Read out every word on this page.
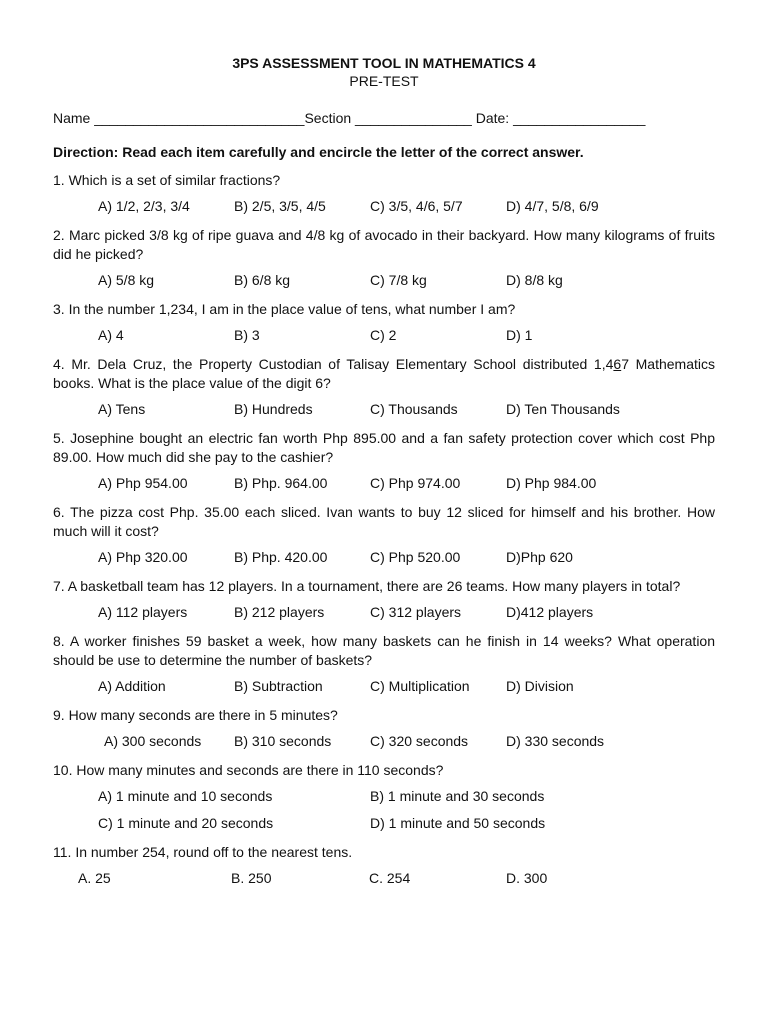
3PS ASSESSMENT TOOL IN MATHEMATICS 4
PRE-TEST
Name ___________________________Section _______________ Date: _________________
Direction: Read each item carefully and encircle the letter of the correct answer.
1. Which is a set of similar fractions?
A) 1/2, 2/3, 3/4	B) 2/5, 3/5, 4/5	C) 3/5, 4/6, 5/7	D) 4/7, 5/8, 6/9
2. Marc picked 3/8 kg of ripe guava and 4/8 kg of avocado in their backyard. How many kilograms of fruits did he picked?
A) 5/8 kg	B) 6/8 kg	C) 7/8 kg	D) 8/8 kg
3. In the number 1,234, I am in the place value of tens, what number I am?
A) 4	B) 3	C) 2	D) 1
4. Mr. Dela Cruz, the Property Custodian of Talisay Elementary School distributed 1,467 Mathematics books. What is the place value of the digit 6?
A) Tens	B) Hundreds	C) Thousands	D) Ten Thousands
5. Josephine bought an electric fan worth Php 895.00 and a fan safety protection cover which cost Php 89.00. How much did she pay to the cashier?
A) Php 954.00	B) Php. 964.00	C) Php 974.00	D) Php 984.00
6. The pizza cost Php. 35.00 each sliced. Ivan wants to buy 12 sliced for himself and his brother. How much will it cost?
A) Php 320.00	B) Php. 420.00	C) Php 520.00	D)Php 620
7. A basketball team has 12 players. In a tournament, there are 26 teams. How many players in total?
A) 112 players	B) 212 players	C) 312 players	D)412 players
8. A worker finishes 59 basket a week, how many baskets can he finish in 14 weeks? What operation should be use to determine the number of baskets?
A) Addition	B) Subtraction	C) Multiplication	D) Division
9. How many seconds are there in 5 minutes?
A) 300 seconds B) 310 seconds	C) 320 seconds	D) 330 seconds
10. How many minutes and seconds are there in 110 seconds?
A) 1 minute and 10 seconds	B) 1 minute and 30 seconds
C) 1 minute and 20 seconds	D) 1 minute and 50 seconds
11. In number 254, round off to the nearest tens.
A. 25	B. 250	C. 254	D. 300
